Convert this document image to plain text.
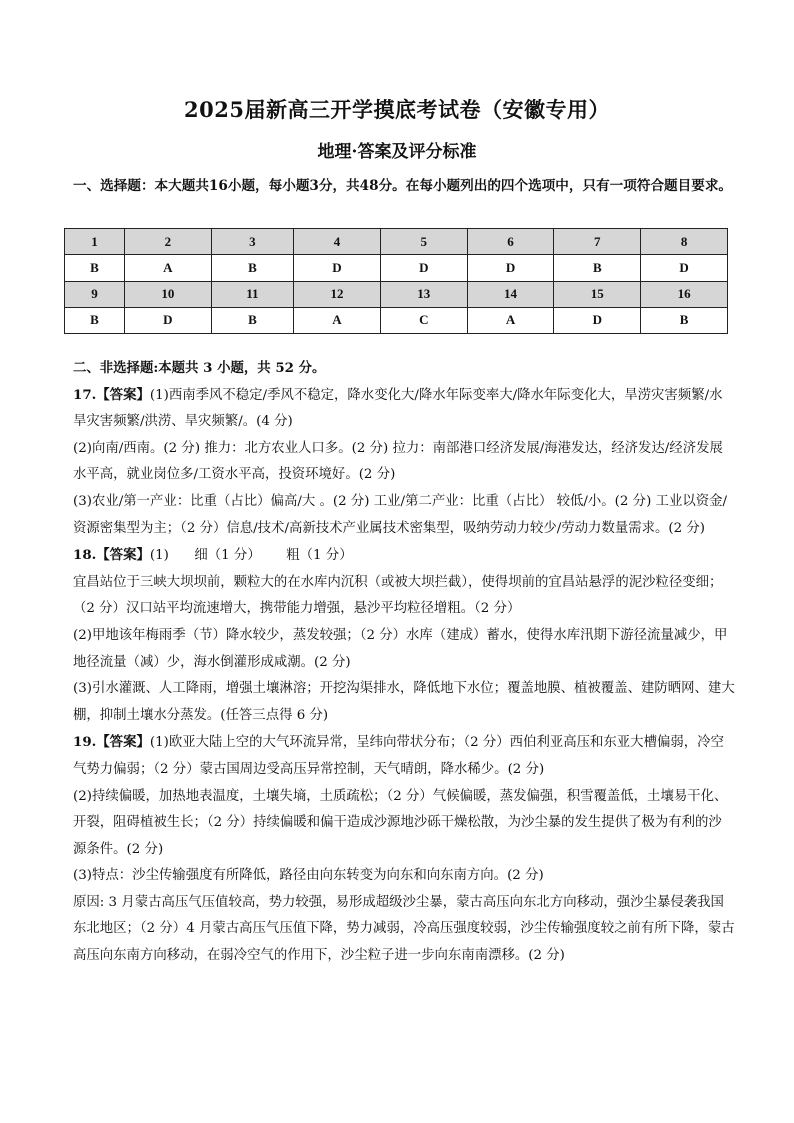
2025届新高三开学摸底考试卷（安徽专用）
地理·答案及评分标准
一、选择题：本大题共16小题，每小题3分，共48分。在每小题列出的四个选项中，只有一项符合题目要求。
1	2	3	4	5	6	7	8
B	A	B	D	D	D	B	D
9	10	11	12	13	14	15	16
B	D	B	A	C	A	D	B

二、非选择题:本题共 3 小题，共 52 分。

17.【答案】(1)西南季风不稳定/季风不稳定，降水变化大/降水年际变率大/降水年际变化大，旱涝灾害频繁/水旱灾害频繁/洪涝、旱灾频繁/。(4 分)

(2)向南/西南。(2 分) 推力：北方农业人口多。(2 分) 拉力：南部港口经济发展/海港发达，经济发达/经济发展水平高，就业岗位多/工资水平高，投资环境好。(2 分)

(3)农业/第一产业：比重（占比）偏高/大 。(2 分) 工业/第二产业：比重（占比） 较低/小。(2 分) 工业以资金/资源密集型为主；（2 分）信息/技术/高新技术产业属技术密集型，吸纳劳动力较少/劳动力数量需求。(2 分)

18.【答案】(1)      细（1 分）      粗（1 分）

宜昌站位于三峡大坝坝前，颗粒大的在水库内沉积（或被大坝拦截），使得坝前的宜昌站悬浮的泥沙粒径变细；（2 分）汉口站平均流速增大，携带能力增强，悬沙平均粒径增粗。（2 分）

(2)甲地该年梅雨季（节）降水较少，蒸发较强；（2 分）水库（建成）蓄水，使得水库汛期下游径流量减少，甲地径流量（减）少，海水倒灌形成咸潮。(2 分)

(3)引水灌溉、人工降雨，增强土壤淋溶；开挖沟渠排水，降低地下水位；覆盖地膜、植被覆盖、建防晒网、建大棚，抑制土壤水分蒸发。(任答三点得 6 分)

19.【答案】(1)欧亚大陆上空的大气环流异常，呈纬向带状分布；（2 分）西伯利亚高压和东亚大槽偏弱，冷空气势力偏弱；（2 分）蒙古国周边受高压异常控制，天气晴朗，降水稀少。(2 分)

(2)持续偏暖，加热地表温度，土壤失墒，土质疏松；（2 分）气候偏暖，蒸发偏强，积雪覆盖低，土壤易干化、开裂，阻碍植被生长；（2 分）持续偏暖和偏干造成沙源地沙砾干燥松散，为沙尘暴的发生提供了极为有利的沙源条件。(2 分)

(3)特点：沙尘传输强度有所降低，路径由向东转变为向东和向东南方向。(2 分)

原因: 3 月蒙古高压气压值较高，势力较强，易形成超级沙尘暴，蒙古高压向东北方向移动，强沙尘暴侵袭我国东北地区；（2 分）4 月蒙古高压气压值下降，势力减弱，冷高压强度较弱，沙尘传输强度较之前有所下降，蒙古高压向东南方向移动，在弱冷空气的作用下，沙尘粒子进一步向东南南漂移。(2 分)
